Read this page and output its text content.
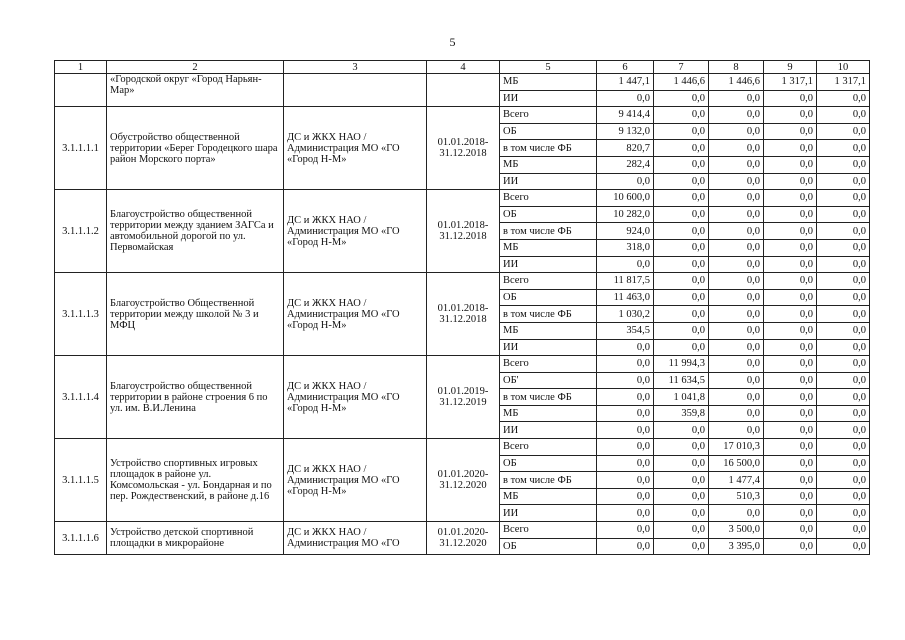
5
1	2	3	4	5	6	7	8	9	10
	«Городской округ «Город Нарьян-Мар»			МБ	1 447,1	1 446,6	1 446,6	1 317,1	1 317,1
				ИИ	0,0	0,0	0,0	0,0	0,0
3.1.1.1.1	Обустройство общественной территории «Берег Городецкого шара район Морского порта»	ДС и ЖКХ НАО / Администрация МО «ГО «Город Н-М»	01.01.2018-31.12.2018	Всего	9 414,4	0,0	0,0	0,0	0,0
				ОБ	9 132,0	0,0	0,0	0,0	0,0
				в том числе ФБ	820,7	0,0	0,0	0,0	0,0
				МБ	282,4	0,0	0,0	0,0	0,0
				ИИ	0,0	0,0	0,0	0,0	0,0
3.1.1.1.2	Благоустройство общественной территории между зданием ЗАГСа и автомобильной дорогой по ул. Первомайская	ДС и ЖКХ НАО / Администрация МО «ГО «Город Н-М»	01.01.2018-31.12.2018	Всего	10 600,0	0,0	0,0	0,0	0,0
				ОБ	10 282,0	0,0	0,0	0,0	0,0
				в том числе ФБ	924,0	0,0	0,0	0,0	0,0
				МБ	318,0	0,0	0,0	0,0	0,0
				ИИ	0,0	0,0	0,0	0,0	0,0
3.1.1.1.3	Благоустройство Общественной территории между школой № 3 и МФЦ	ДС и ЖКХ НАО / Администрация МО «ГО «Город Н-М»	01.01.2018-31.12.2018	Всего	11 817,5	0,0	0,0	0,0	0,0
				ОБ	11 463,0	0,0	0,0	0,0	0,0
				в том числе ФБ	1 030,2	0,0	0,0	0,0	0,0
				МБ	354,5	0,0	0,0	0,0	0,0
				ИИ	0,0	0,0	0,0	0,0	0,0
3.1.1.1.4	Благоустройство общественной территории в районе строения 6 по ул. им. В.И.Ленина	ДС и ЖКХ НАО / Администрация МО «ГО «Город Н-М»	01.01.2019-31.12.2019	Всего	0,0	11 994,3	0,0	0,0	0,0
				ОБ'	0,0	11 634,5	0,0	0,0	0,0
				в том числе ФБ	0,0	1 041,8	0,0	0,0	0,0
				МБ	0,0	359,8	0,0	0,0	0,0
				ИИ	0,0	0,0	0,0	0,0	0,0
3.1.1.1.5	Устройство спортивных игровых площадок в районе ул. Комсомольская - ул. Бондарная и по пер. Рождественский, в районе д.16	ДС и ЖКХ НАО / Администрация МО «ГО «Город Н-М»	01.01.2020-31.12.2020	Всего	0,0	0,0	17 010,3	0,0	0,0
				ОБ	0,0	0,0	16 500,0	0,0	0,0
				в том числе ФБ	0,0	0,0	1 477,4	0,0	0,0
				МБ	0,0	0,0	510,3	0,0	0,0
				ИИ	0,0	0,0	0,0	0,0	0,0
3.1.1.1.6	Устройство детской спортивной площадки в микрорайоне	ДС и ЖКХ НАО / Администрация МО «ГО	01.01.2020-31.12.2020	Всего	0,0	0,0	3 500,0	0,0	0,0
				ОБ	0,0	0,0	3 395,0	0,0	0,0
